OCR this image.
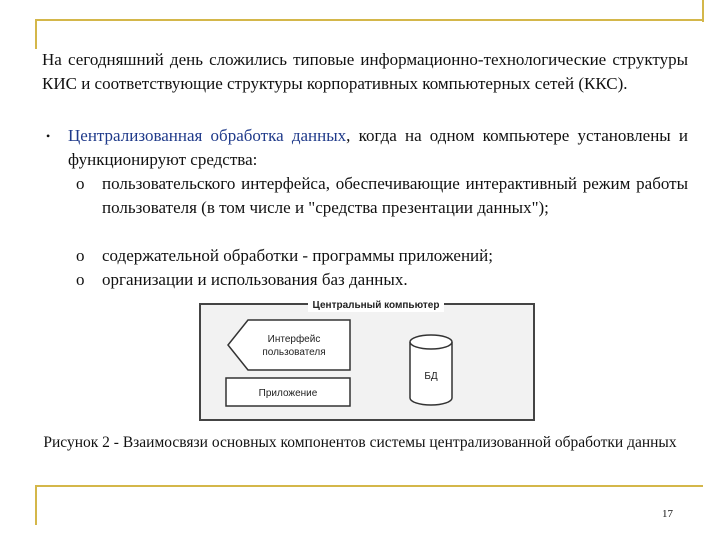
На сегодняшний день сложились типовые информационно-технологические структуры КИС и соответствующие структуры корпоративных компьютерных сетей (ККС).
• Централизованная обработка данных, когда на одном компьютере установлены и функционируют средства:
o пользовательского интерфейса, обеспечивающие интерактивный режим работы пользователя (в том числе и "средства презентации данных");
o содержательной обработки - программы приложений;
o организации и использования баз данных.
Центральный компьютер
Интерфейс
пользователя
Приложение
БД
Рисунок 2 - Взаимосвязи основных компонентов системы централизованной обработки данных
17
